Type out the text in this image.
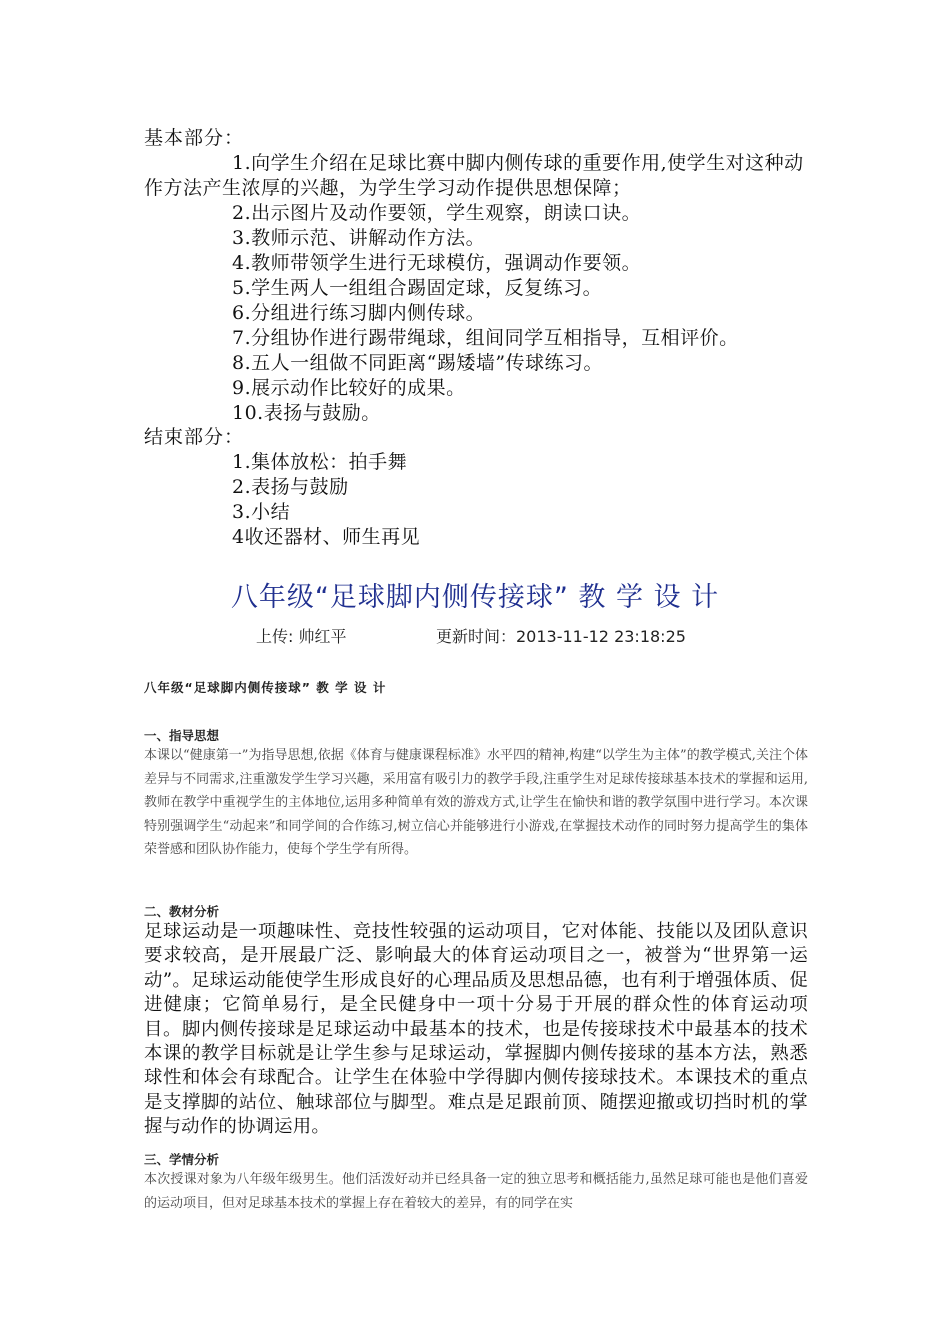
基本部分：
1.向学生介绍在足球比赛中脚内侧传球的重要作用,使学生对这种动作方法产生浓厚的兴趣，为学生学习动作提供思想保障；
2.出示图片及动作要领，学生观察，朗读口诀。
3.教师示范、讲解动作方法。
4.教师带领学生进行无球模仿，强调动作要领。
5.学生两人一组组合踢固定球，反复练习。
6.分组进行练习脚内侧传球。
7.分组协作进行踢带绳球，组间同学互相指导，互相评价。
8.五人一组做不同距离“踢矮墙”传球练习。
9.展示动作比较好的成果。
10.表扬与鼓励。
结束部分：
1.集体放松：拍手舞
2.表扬与鼓励
3.小结
4收还器材、师生再见
八年级“足球脚内侧传接球” 教 学 设 计
上传: 帅红平	更新时间：2013-11-12 23:18:25
八年级“足球脚内侧传接球” 教 学 设 计
一、指导思想

本课以“健康第一”为指导思想,依据《体育与健康课程标准》水平四的精神,构建“以学生为主体”的教学模式,关注个体差异与不同需求,注重激发学生学习兴趣，采用富有吸引力的教学手段,注重学生对足球传接球基本技术的掌握和运用,教师在教学中重视学生的主体地位,运用多种简单有效的游戏方式,让学生在愉快和谐的教学氛围中进行学习。本次课特别强调学生“动起来”和同学间的合作练习,树立信心并能够进行小游戏,在掌握技术动作的同时努力提高学生的集体荣誉感和团队协作能力，使每个学生学有所得。

二、教材分析

足球运动是一项趣味性、竞技性较强的运动项目，它对体能、技能以及团队意识要求较高，是开展最广泛、影响最大的体育运动项目之一，被誉为“世界第一运动”。足球运动能使学生形成良好的心理品质及思想品德，也有利于增强体质、促进健康；它简单易行，是全民健身中一项十分易于开展的群众性的体育运动项目。脚内侧传接球是足球运动中最基本的技术，也是传接球技术中最基本的技术本课的教学目标就是让学生参与足球运动，掌握脚内侧传接球的基本方法，熟悉球性和体会有球配合。让学生在体验中学得脚内侧传接球技术。本课技术的重点是支撑脚的站位、触球部位与脚型。难点是足跟前顶、随摆迎撤或切挡时机的掌握与动作的协调运用。

三、学情分析

本次授课对象为八年级年级男生。他们活泼好动并已经具备一定的独立思考和概括能力,虽然足球可能也是他们喜爱的运动项目，但对足球基本技术的掌握上存在着较大的差异，有的同学在实
